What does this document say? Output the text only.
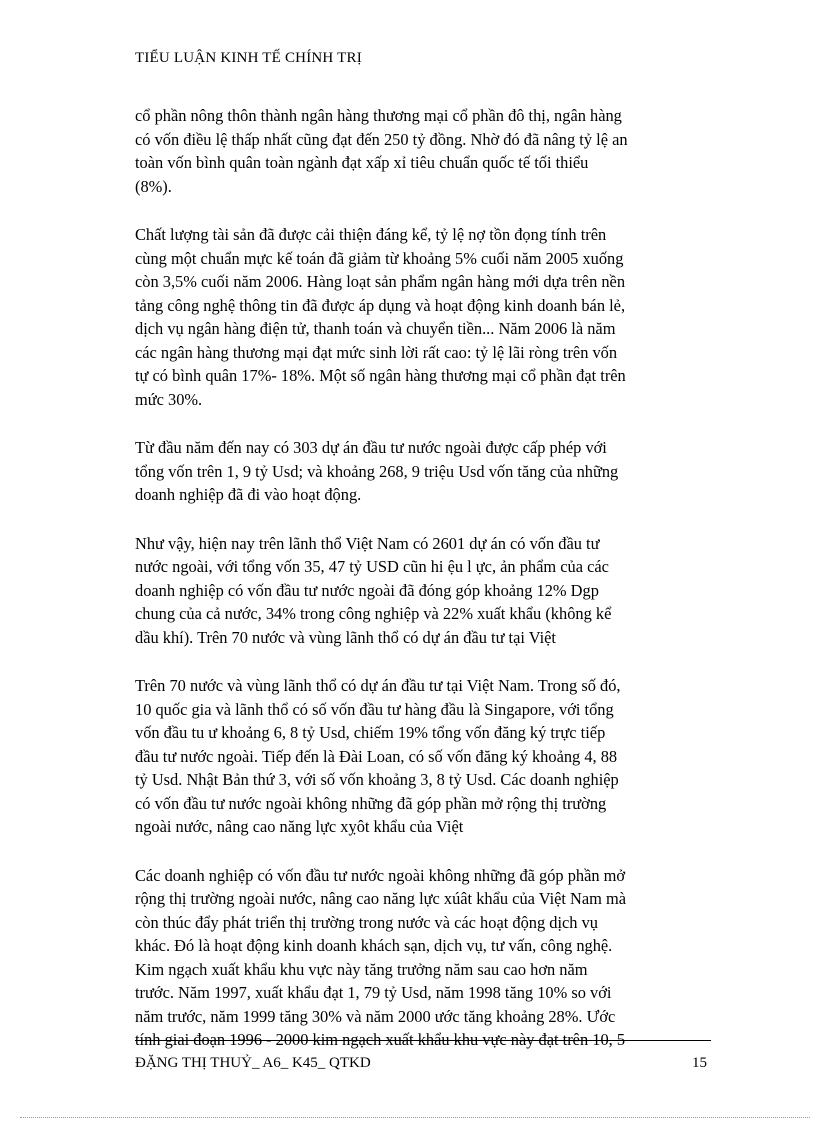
TIỂU LUẬN KINH TẾ CHÍNH TRỊ

cổ phần nông thôn thành ngân hàng thương mại cổ phần đô thị, ngân hàng
có vốn điều lệ thấp nhất cũng đạt đến 250 tỷ đồng. Nhờ đó đã nâng tỷ lệ an
toàn vốn bình quân toàn ngành đạt xấp xỉ tiêu chuẩn quốc tế tối thiểu
(8%).

Chất lượng tài sản đã được cải thiện đáng kể, tỷ lệ nợ tồn đọng tính trên
cùng một chuẩn mực kế toán đã giảm từ khoảng 5% cuối năm 2005 xuống
còn 3,5% cuối năm 2006. Hàng loạt sản phẩm ngân hàng mới dựa trên nền
tảng công nghệ thông tin đã được áp dụng và hoạt động kinh doanh bán lẻ,
dịch vụ ngân hàng điện tử, thanh toán và chuyển tiền... Năm 2006 là năm
các ngân hàng thương mại đạt mức sinh lời rất cao: tỷ lệ lãi ròng trên vốn
tự có bình quân 17%- 18%. Một số ngân hàng thương mại cổ phần đạt trên
mức 30%.

Từ đầu năm đến nay có 303 dự án đầu tư nước ngoài được cấp phép với
tổng vốn trên 1, 9 tỷ Usd; và khoảng 268, 9 triệu Usd vốn tăng của những
doanh nghiệp đã đi vào hoạt động.

Như vậy, hiện nay trên lãnh thổ Việt Nam có 2601 dự án có vốn đầu tư
nước ngoài, với tổng vốn 35, 47 tỷ USD cũn hi ệu l ực, ản phẩm của các
doanh nghiệp có vốn đầu tư nước ngoài đã đóng góp khoảng 12% Dgp
chung của cả nước, 34% trong công nghiệp và 22% xuất khẩu (không kể
dầu khí). Trên 70 nước và vùng lãnh thổ có dự án đầu tư tại Việt

Trên 70 nước và vùng lãnh thổ có dự án đầu tư tại Việt Nam. Trong số đó,
10 quốc gia và lãnh thổ có số vốn đầu tư hàng đầu là Singapore, với tổng
vốn đầu tu ư khoảng 6, 8 tỷ Usd, chiếm 19% tổng vốn đăng ký trực tiếp
đầu tư nước ngoài. Tiếp đến là Đài Loan, có số vốn đăng ký khoảng 4, 88
tỷ Usd. Nhật Bản thứ 3, với số vốn khoảng 3, 8 tỷ Usd. Các doanh nghiệp
có vốn đầu tư nước ngoài không những đã góp phần mở rộng thị trường
ngoài nước, nâng cao năng lực xỵôt khẩu của Việt

Các doanh nghiệp có vốn đầu tư nước ngoài không những đã góp phần mở
rộng thị trường ngoài nước, nâng cao năng lực xúât khẩu của Việt Nam mà
còn thúc đẩy phát triển thị trường trong nước và các hoạt động dịch vụ
khác. Đó là hoạt động kinh doanh khách sạn, dịch vụ, tư vấn, công nghệ.
Kim ngạch xuất khẩu khu vực này tăng trưởng năm sau cao hơn năm
trước. Năm 1997, xuất khẩu đạt 1, 79 tỷ Usd, năm 1998 tăng 10% so với
năm trước, năm 1999 tăng 30% và năm 2000 ước tăng khoảng 28%. Ước
tính giai đoạn 1996 - 2000 kim ngạch xuất khẩu khu vực này đạt trên 10, 5

ĐẶNG THỊ THUỶ_ A6_ K45_ QTKD	15
